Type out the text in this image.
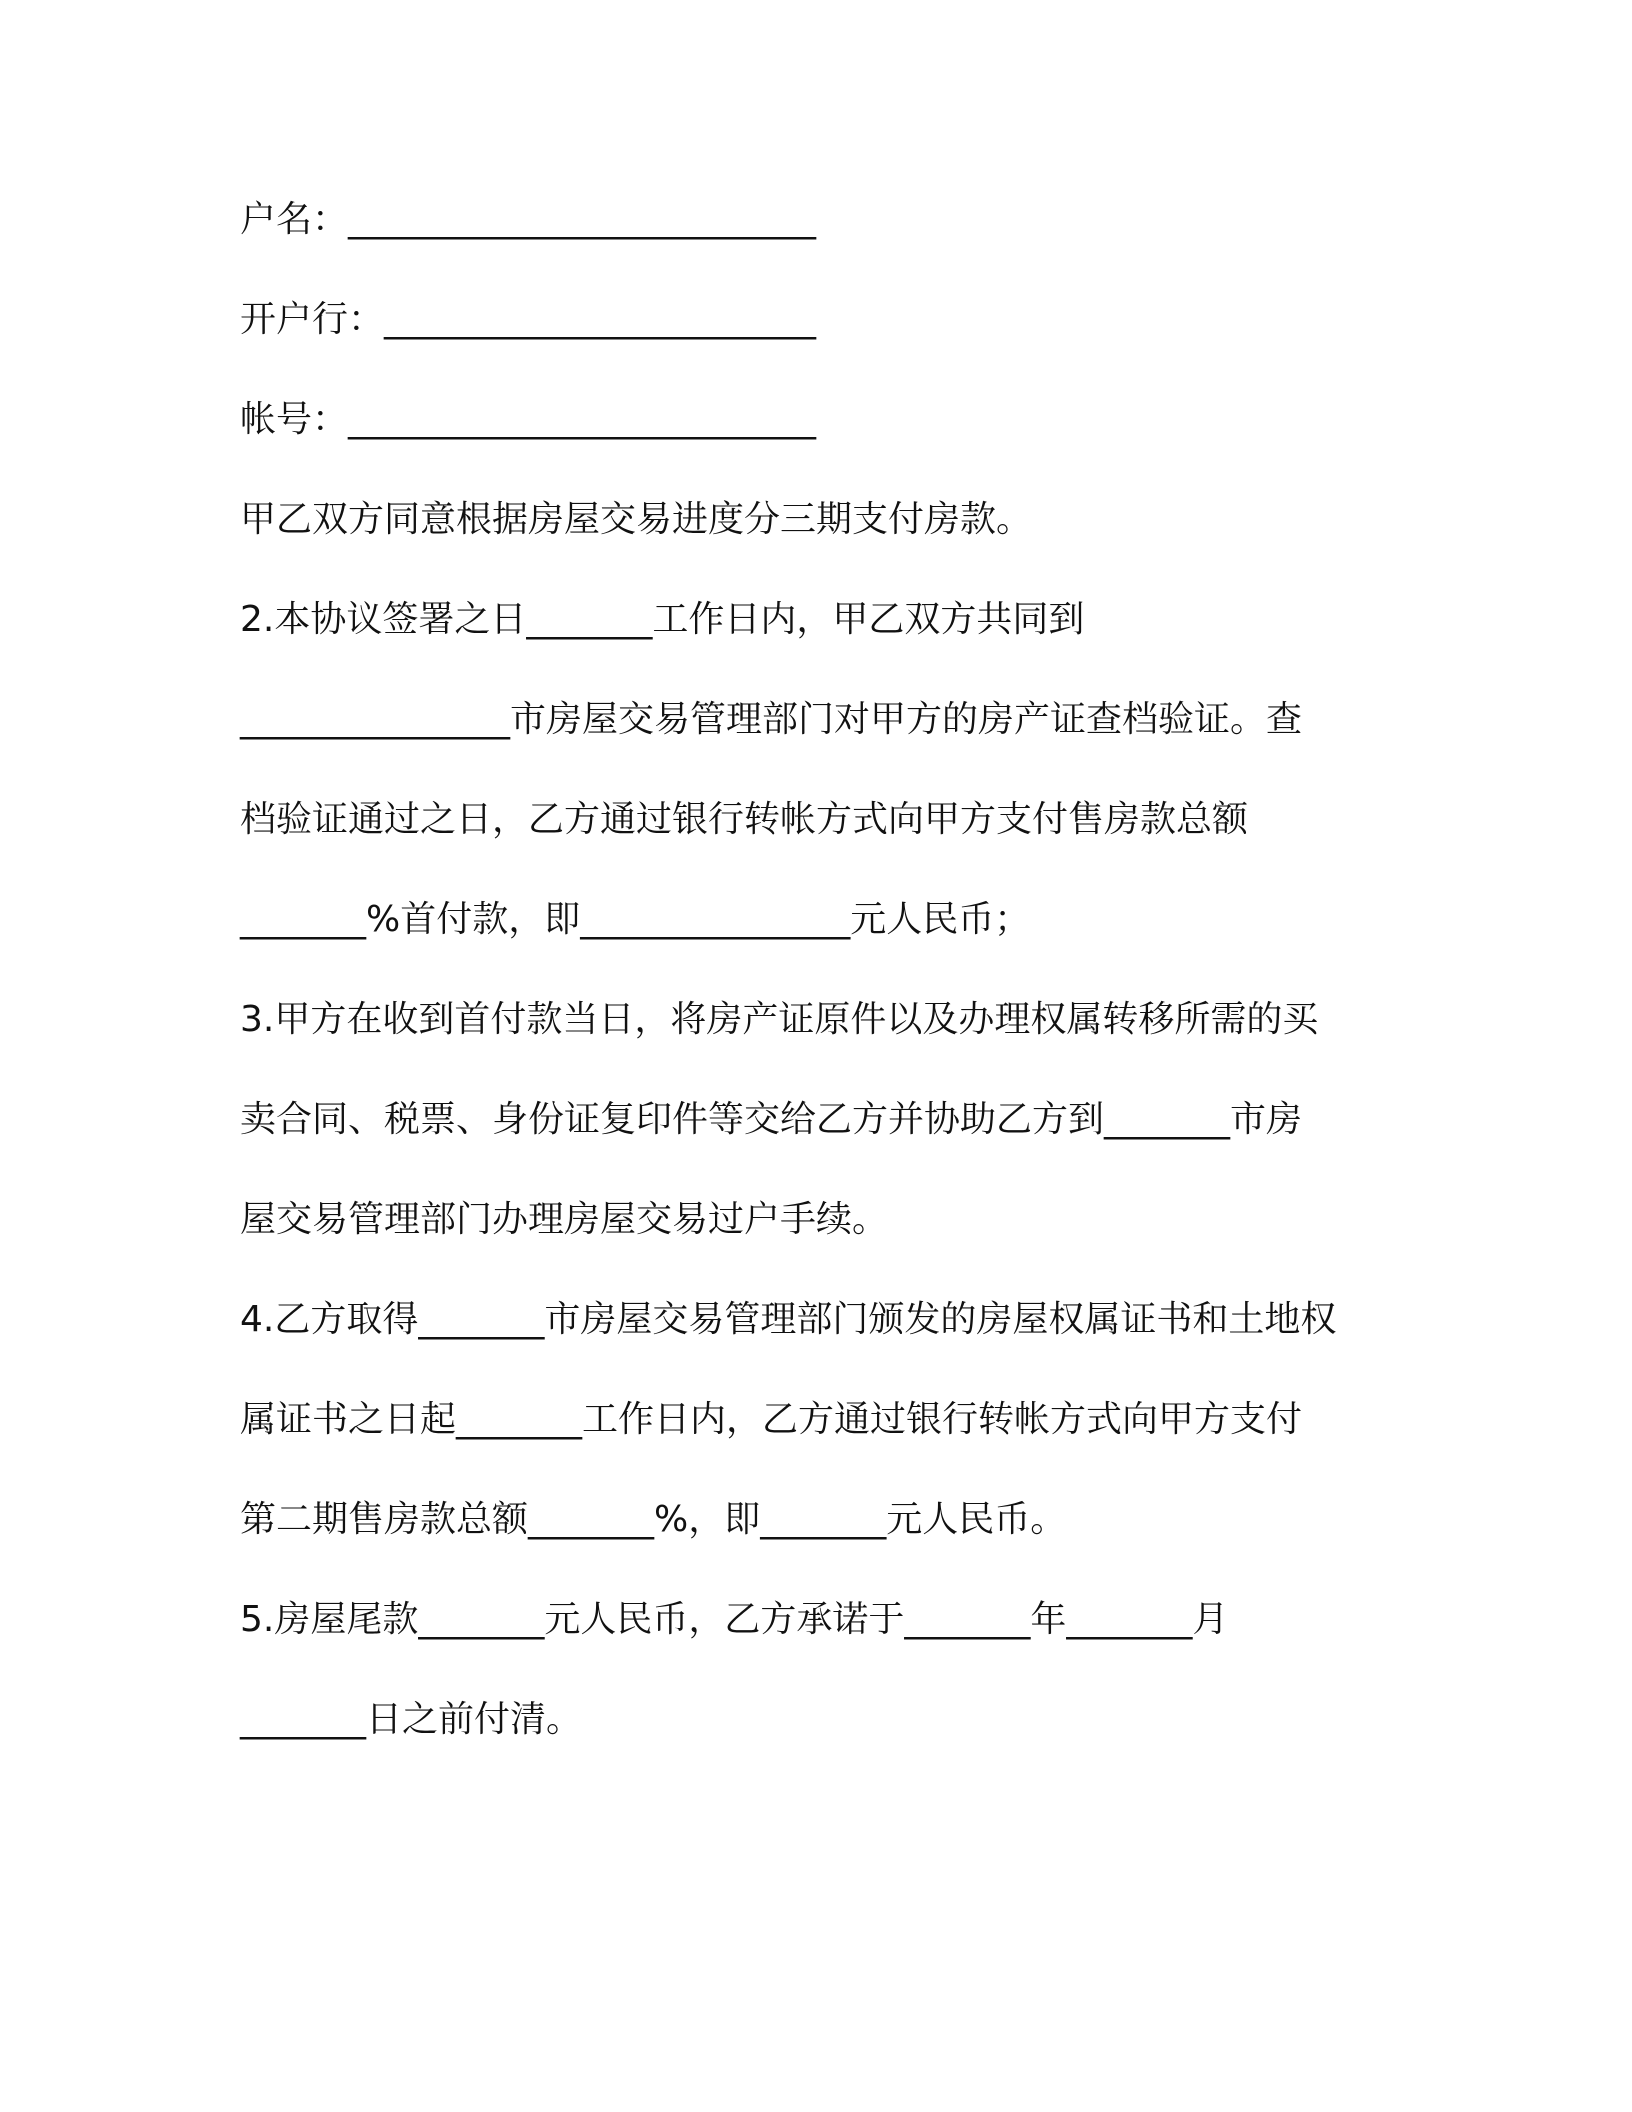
户名：__________________________
开户行：________________________
帐号：__________________________
甲乙双方同意根据房屋交易进度分三期支付房款。
2.本协议签署之日_______工作日内，甲乙双方共同到
_______________市房屋交易管理部门对甲方的房产证查档验证。查
档验证通过之日，乙方通过银行转帐方式向甲方支付售房款总额
_______%首付款，即_______________元人民币；
3.甲方在收到首付款当日，将房产证原件以及办理权属转移所需的买
卖合同、税票、身份证复印件等交给乙方并协助乙方到_______市房
屋交易管理部门办理房屋交易过户手续。
4.乙方取得_______市房屋交易管理部门颁发的房屋权属证书和土地权
属证书之日起_______工作日内，乙方通过银行转帐方式向甲方支付
第二期售房款总额_______%，即_______元人民币。
5.房屋尾款_______元人民币，乙方承诺于_______年_______月
_______日之前付清。
